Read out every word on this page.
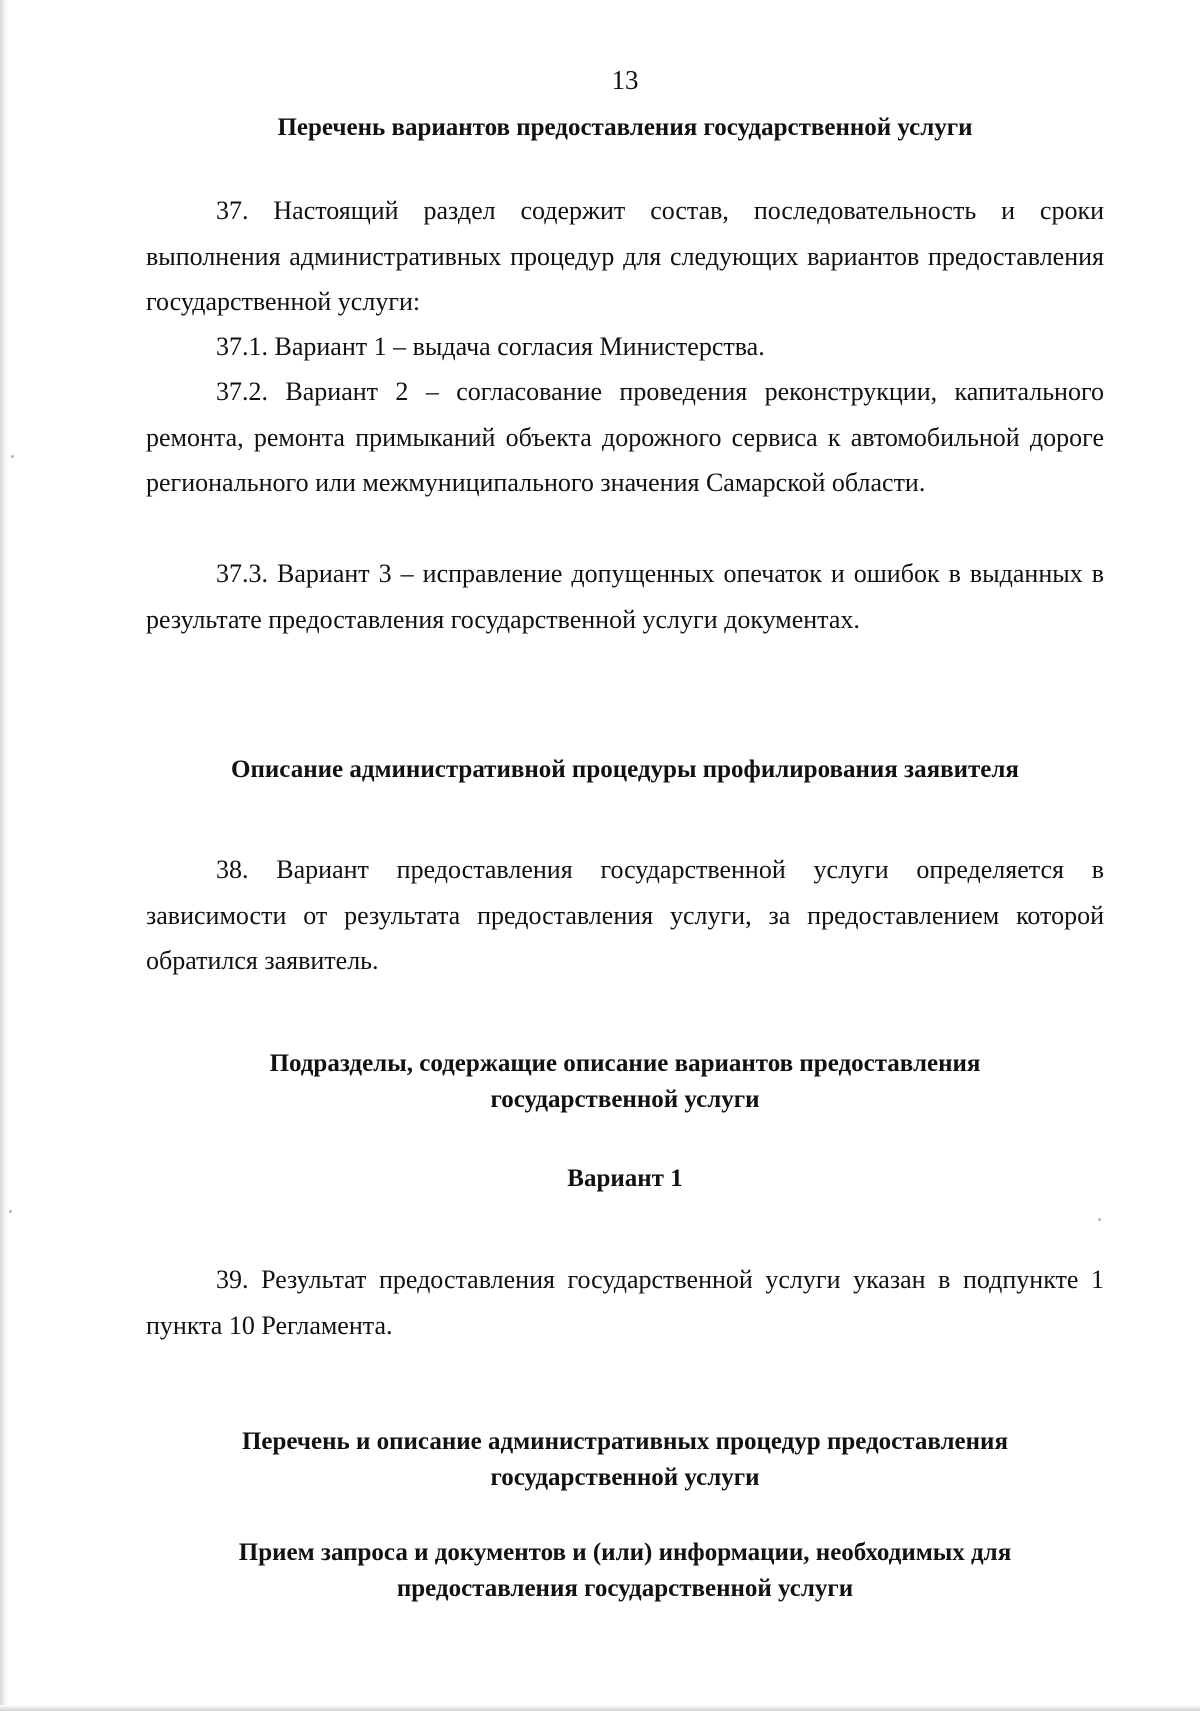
13
Перечень вариантов предоставления государственной услуги

37. Настоящий раздел содержит состав, последовательность и сроки выполнения административных процедур для следующих вариантов предоставления государственной услуги:

37.1. Вариант 1 – выдача согласия Министерства.

37.2. Вариант 2 – согласование проведения реконструкции, капитального ремонта, ремонта примыканий объекта дорожного сервиса к автомобильной дороге регионального или межмуниципального значения Самарской области.

37.3. Вариант 3 – исправление допущенных опечаток и ошибок в выданных в результате предоставления государственной услуги документах.

Описание административной процедуры профилирования заявителя

38. Вариант предоставления государственной услуги определяется в зависимости от результата предоставления услуги, за предоставлением которой обратился заявитель.

Подразделы, содержащие описание вариантов предоставления
государственной услуги
Вариант 1

39. Результат предоставления государственной услуги указан в подпункте 1 пункта 10 Регламента.

Перечень и описание административных процедур предоставления
государственной услуги
Прием запроса и документов и (или) информации, необходимых для
предоставления государственной услуги
